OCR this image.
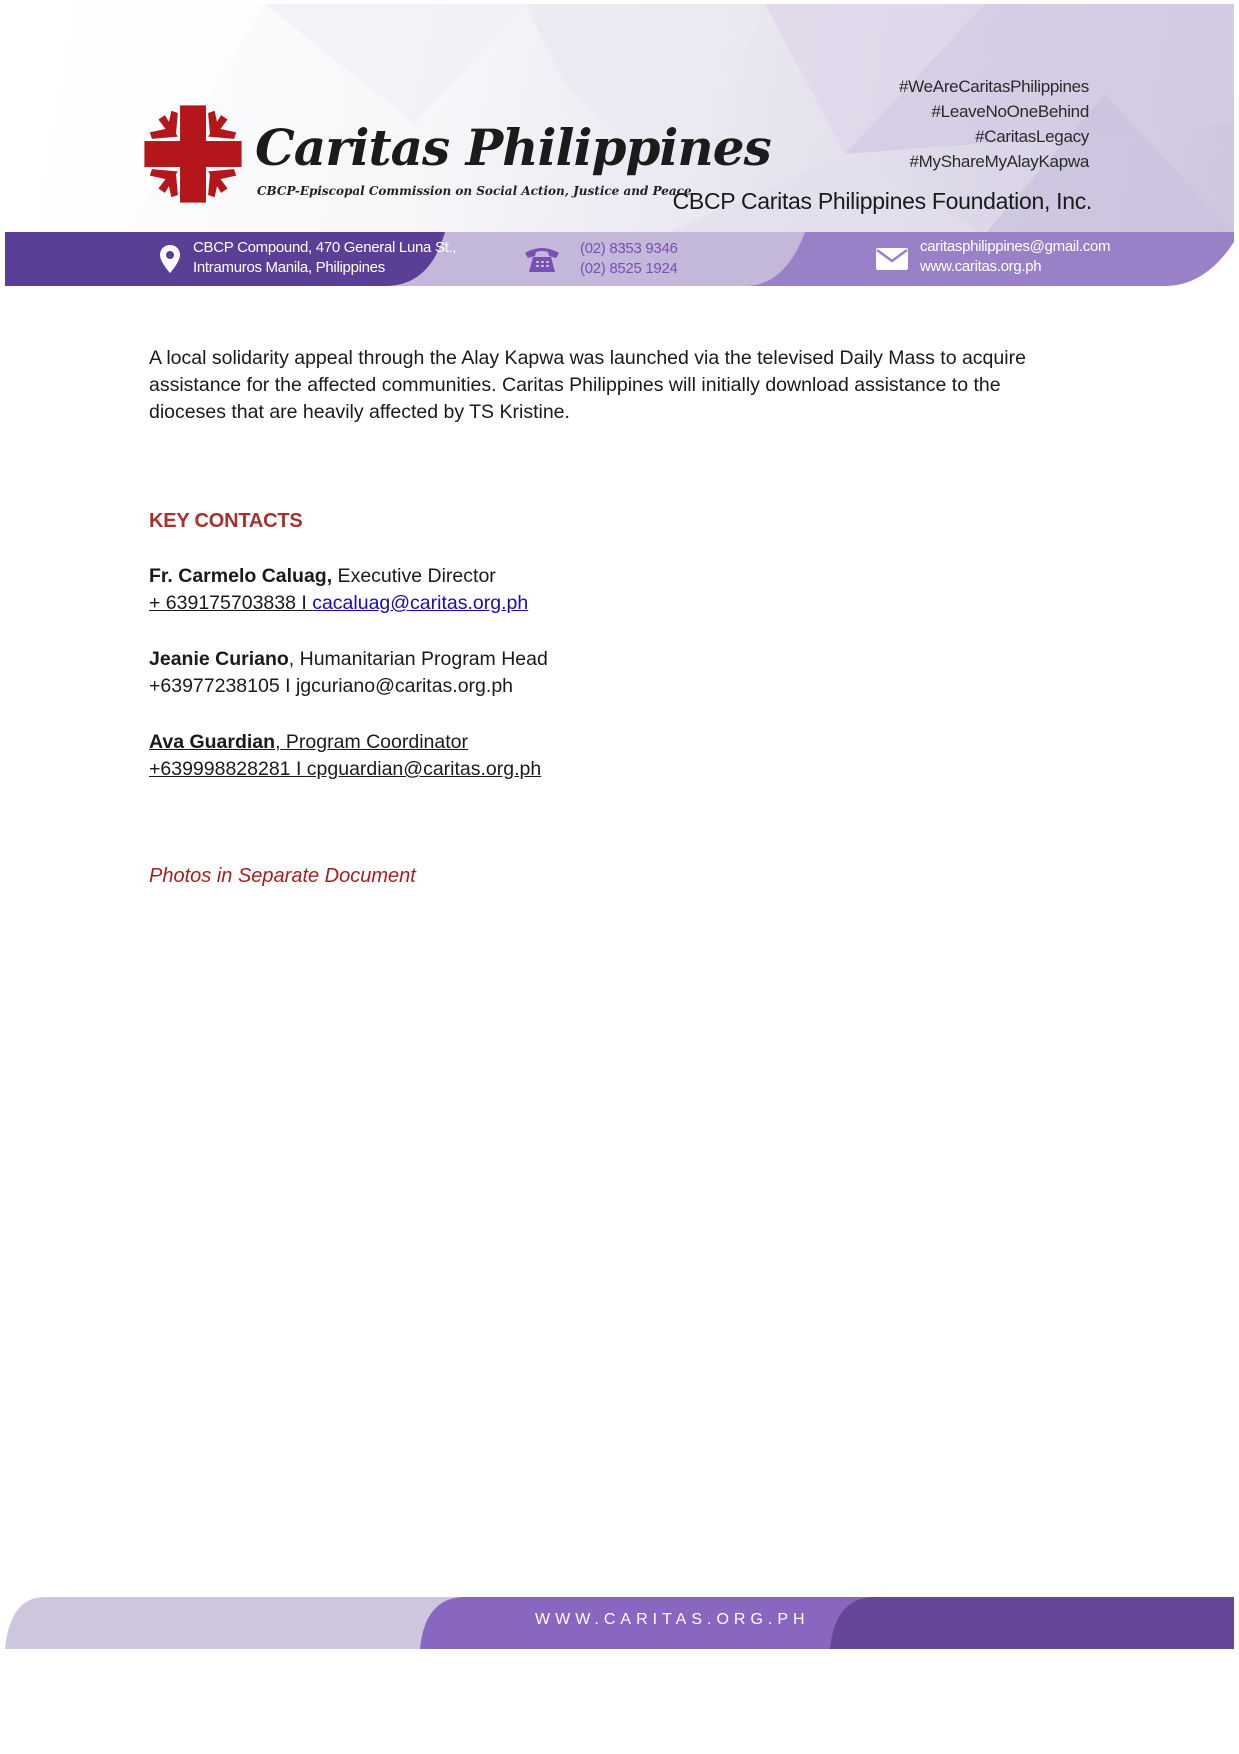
Caritas Philippines
CBCP-Episcopal Commission on Social Action, Justice and Peace
#WeAreCaritasPhilippines
#LeaveNoOneBehind
#CaritasLegacy
#MyShareMyAlayKapwa
CBCP Caritas Philippines Foundation, Inc.
CBCP Compound, 470 General Luna St.,
Intramuros Manila, Philippines
(02) 8353 9346
(02) 8525 1924
caritasphilippines@gmail.com
www.caritas.org.ph
A local solidarity appeal through the Alay Kapwa was launched via the televised Daily Mass to acquire
assistance for the affected communities. Caritas Philippines will initially download assistance to the
dioceses that are heavily affected by TS Kristine.
KEY CONTACTS
Fr. Carmelo Caluag, Executive Director
+ 639175703838 I cacaluag@caritas.org.ph
Jeanie Curiano, Humanitarian Program Head
+63977238105 I jgcuriano@caritas.org.ph
Ava Guardian, Program Coordinator
+639998828281 I cpguardian@caritas.org.ph
Photos in Separate Document
WWW.CARITAS.ORG.PH
